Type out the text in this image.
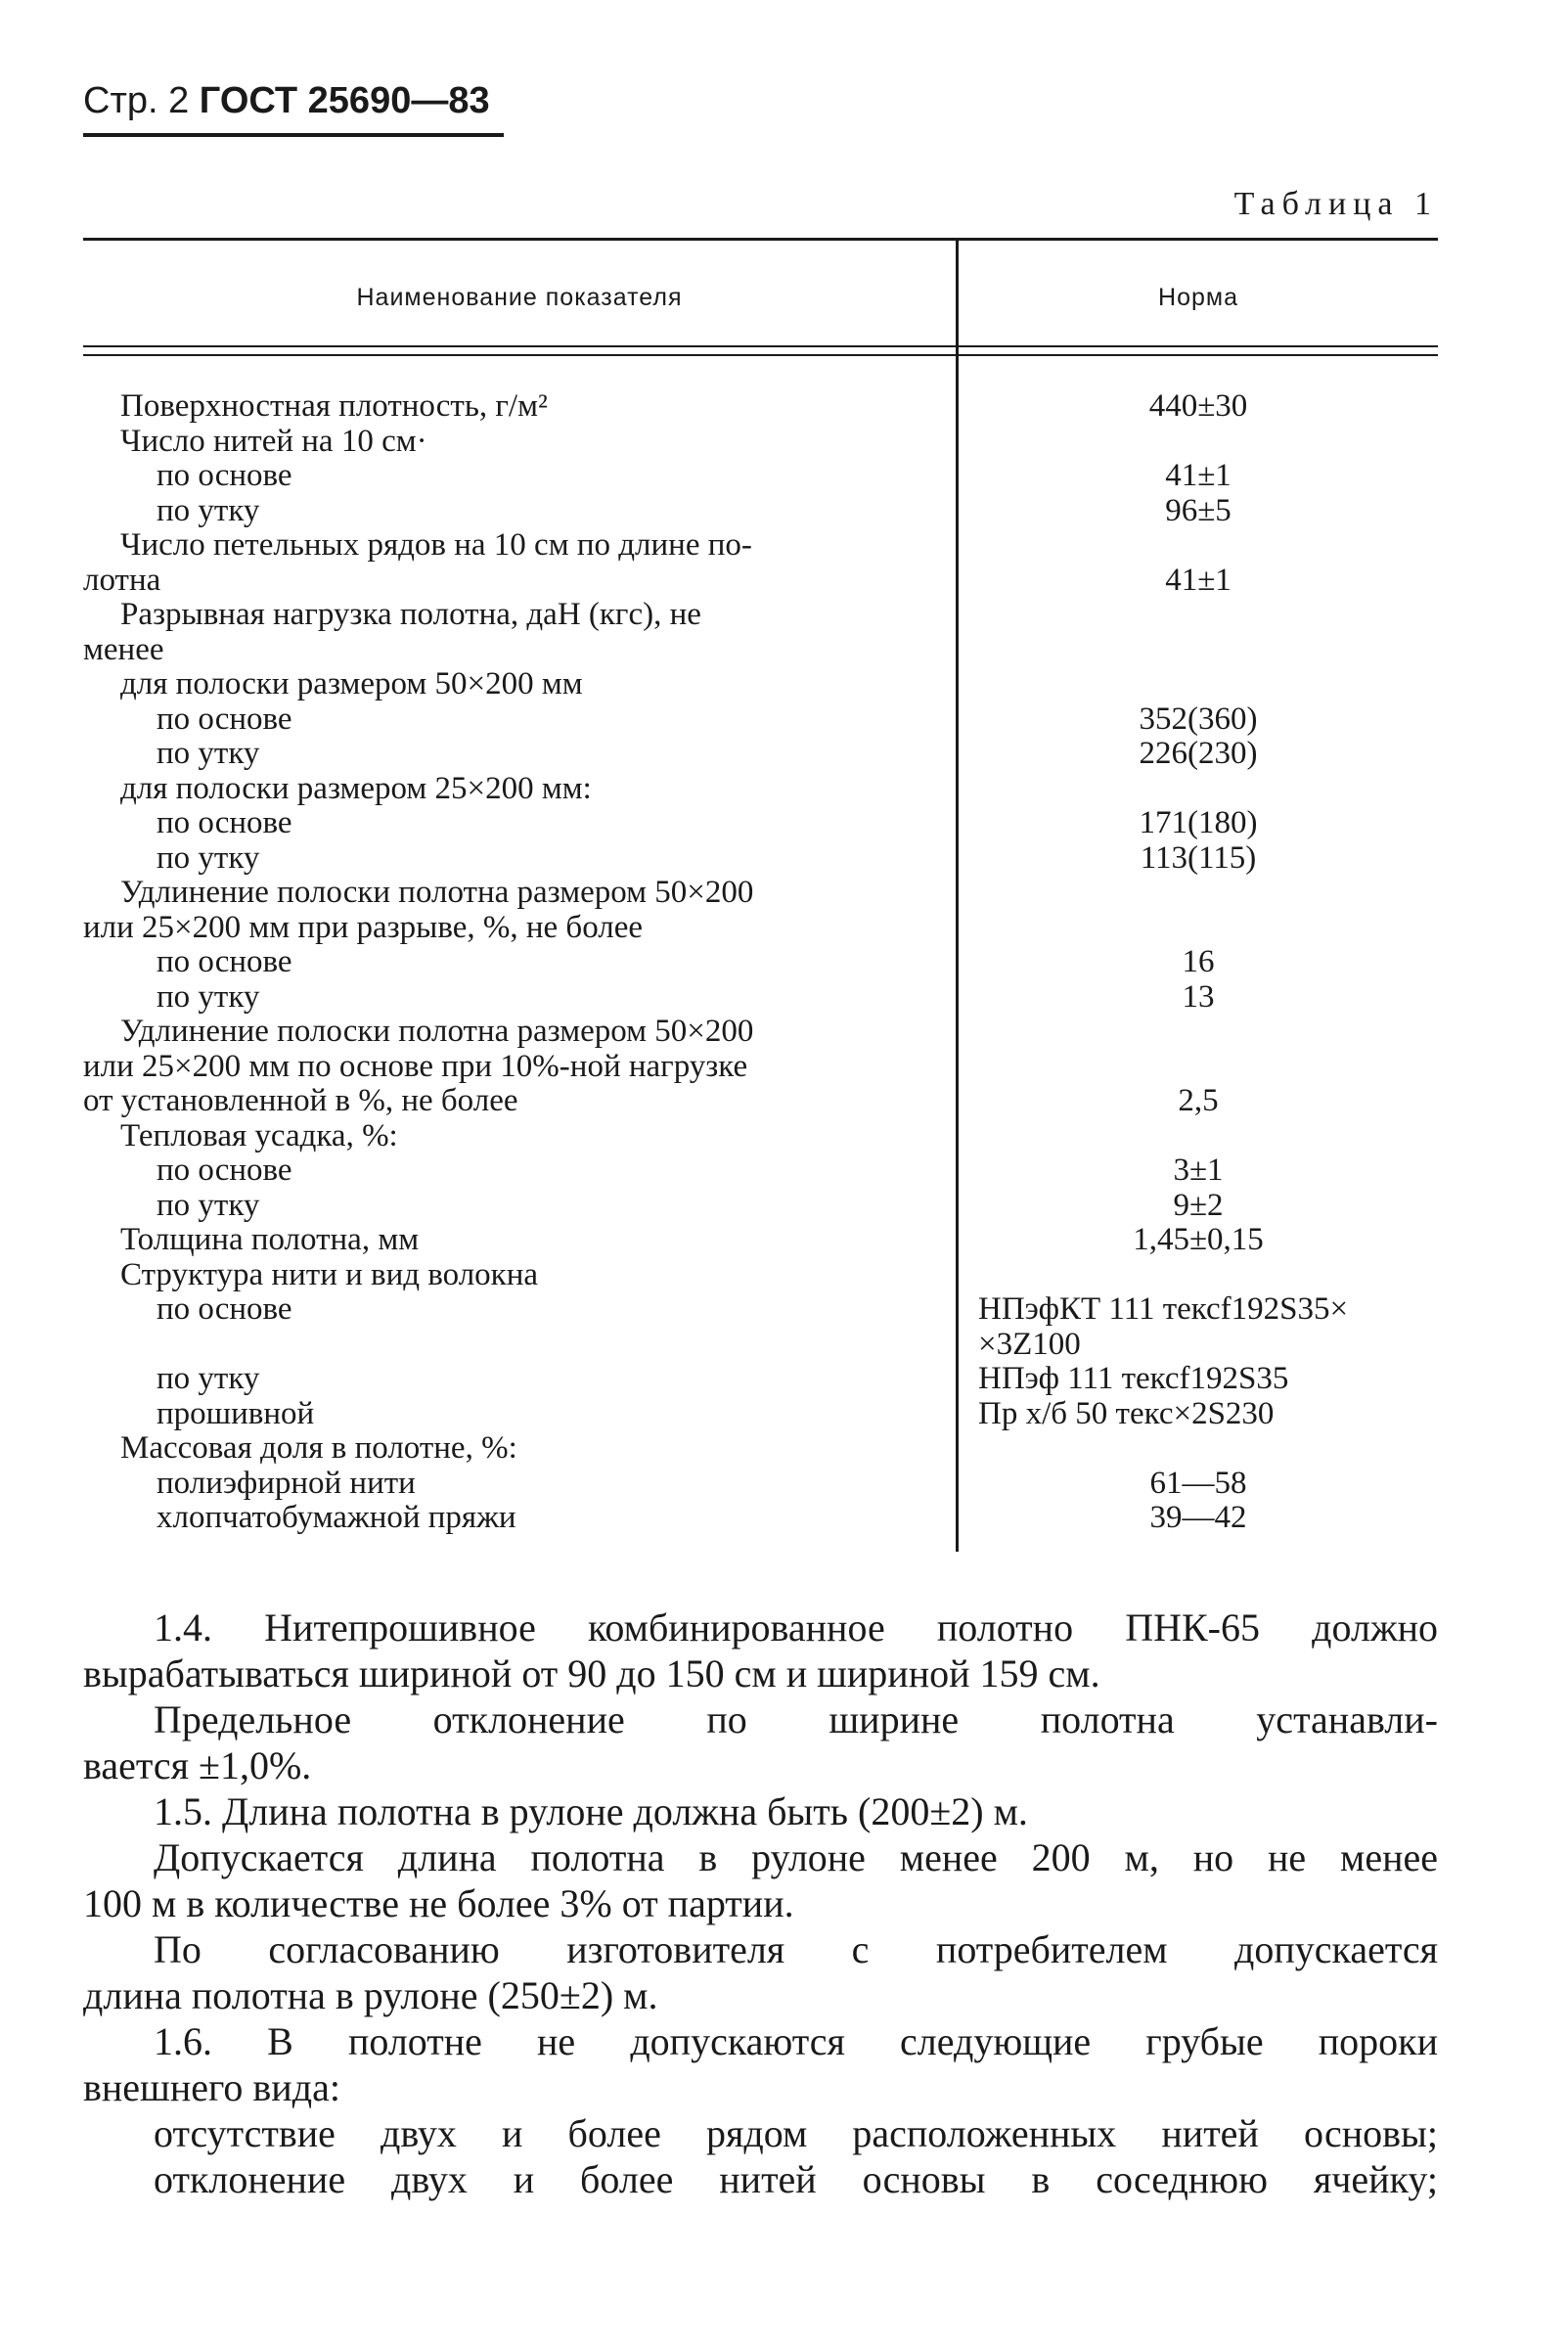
Стр. 2 ГОСТ 25690—83
Таблица 1
Наименование показателя	Норма
Поверхностная плотность, г/м²	440±30
Число нитей на 10 см·
по основе	41±1
по утку	96±5
Число петельных рядов на 10 см по длине по-
лотна	41±1
Разрывная нагрузка полотна, даН (кгс), не
менее
для полоски размером 50×200 мм
по основе	352(360)
по утку	226(230)
для полоски размером 25×200 мм:
по основе	171(180)
по утку	113(115)
Удлинение полоски полотна размером 50×200
или 25×200 мм при разрыве, %, не более
по основе	16
по утку	13
Удлинение полоски полотна размером 50×200
или 25×200 мм по основе при 10%-ной нагрузке
от установленной в %, не более	2,5
Тепловая усадка, %:
по основе	3±1
по утку	9±2
Толщина полотна, мм	1,45±0,15
Структура нити и вид волокна
по основе	НПэфКТ 111 тексf192S35×
×3Z100
по утку	НПэф 111 тексf192S35
прошивной	Пр х/б 50 текс×2S230
Массовая доля в полотне, %:
полиэфирной нити	61—58
хлопчатобумажной пряжи	39—42

1.4. Нитепрошивное комбинированное полотно ПНК-65 должно

вырабатываться шириной от 90 до 150 см и шириной 159 см.

Предельное отклонение по ширине полотна устанавли-

вается ±1,0%.

1.5. Длина полотна в рулоне должна быть (200±2) м.

Допускается длина полотна в рулоне менее 200 м, но не менее

100 м в количестве не более 3% от партии.

По согласованию изготовителя с потребителем допускается

длина полотна в рулоне (250±2) м.

1.6. В полотне не допускаются следующие грубые пороки

внешнего вида:

отсутствие двух и более рядом расположенных нитей основы;

отклонение двух и более нитей основы в соседнюю ячейку;
